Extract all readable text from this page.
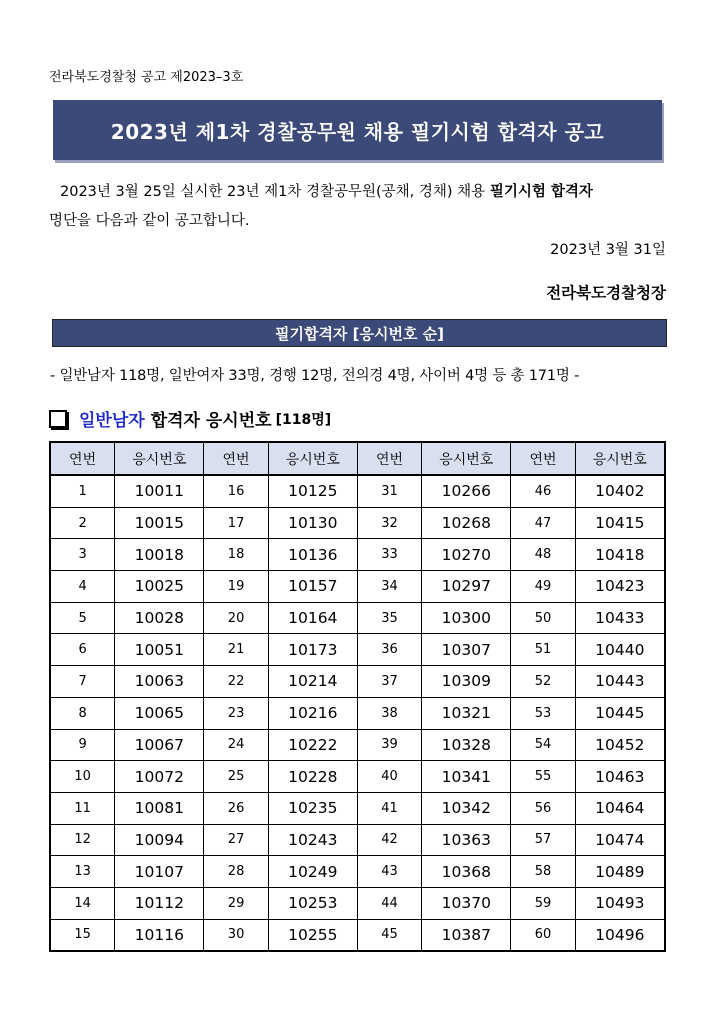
전라북도경찰청 공고 제2023–3호
2023년 제1차 경찰공무원 채용 필기시험 합격자 공고
2023년 3월 25일 실시한 23년 제1차 경찰공무원(공채, 경채) 채용 필기시험 합격자
명단을 다음과 같이 공고합니다.
2023년 3월 31일
전라북도경찰청장
필기합격자 [응시번호 순]
- 일반남자 118명, 일반여자 33명, 경행 12명, 전의경 4명, 사이버 4명 등 총 171명 -
일반남자 합격자 응시번호 [118명]
연번	응시번호	연번	응시번호	연번	응시번호	연번	응시번호
1	10011	16	10125	31	10266	46	10402
2	10015	17	10130	32	10268	47	10415
3	10018	18	10136	33	10270	48	10418
4	10025	19	10157	34	10297	49	10423
5	10028	20	10164	35	10300	50	10433
6	10051	21	10173	36	10307	51	10440
7	10063	22	10214	37	10309	52	10443
8	10065	23	10216	38	10321	53	10445
9	10067	24	10222	39	10328	54	10452
10	10072	25	10228	40	10341	55	10463
11	10081	26	10235	41	10342	56	10464
12	10094	27	10243	42	10363	57	10474
13	10107	28	10249	43	10368	58	10489
14	10112	29	10253	44	10370	59	10493
15	10116	30	10255	45	10387	60	10496
